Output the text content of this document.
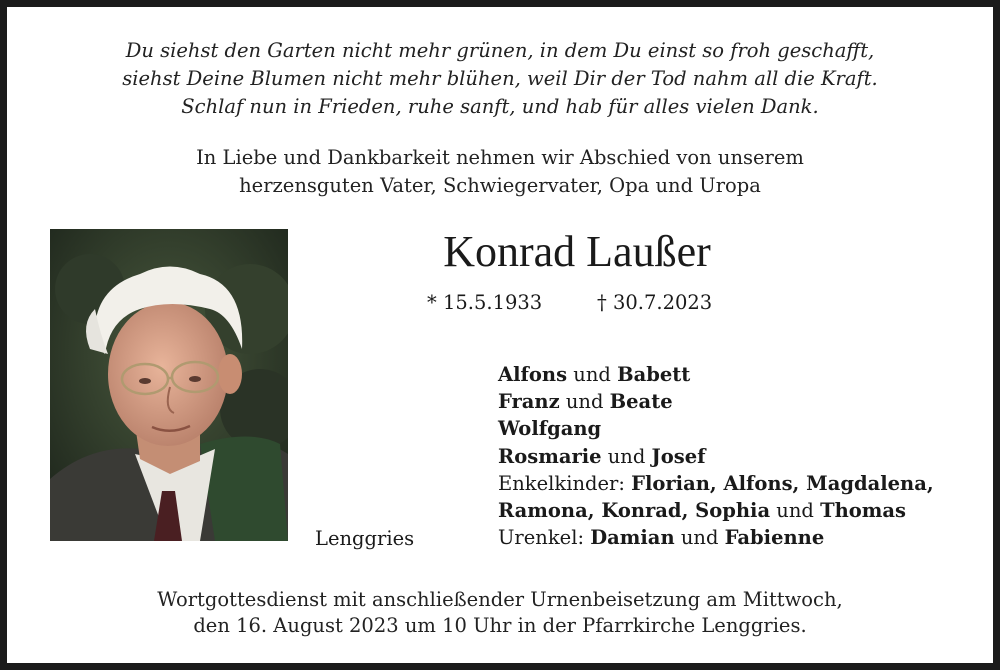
Du siehst den Garten nicht mehr grünen, in dem Du einst so froh geschafft,
siehst Deine Blumen nicht mehr blühen, weil Dir der Tod nahm all die Kraft.
Schlaf nun in Frieden, ruhe sanft, und hab für alles vielen Dank.
In Liebe und Dankbarkeit nehmen wir Abschied von unserem
herzensguten Vater, Schwiegervater, Opa und Uropa
Konrad Laußer
* 15.5.1933	† 30.7.2023
Alfons und Babett
Franz und Beate
Wolfgang
Rosmarie und Josef
Enkelkinder: Florian, Alfons, Magdalena,
Ramona, Konrad, Sophia und Thomas
Urenkel: Damian und Fabienne
Lenggries
Wortgottesdienst mit anschließender Urnenbeisetzung am Mittwoch,
den 16. August 2023 um 10 Uhr in der Pfarrkirche Lenggries.
